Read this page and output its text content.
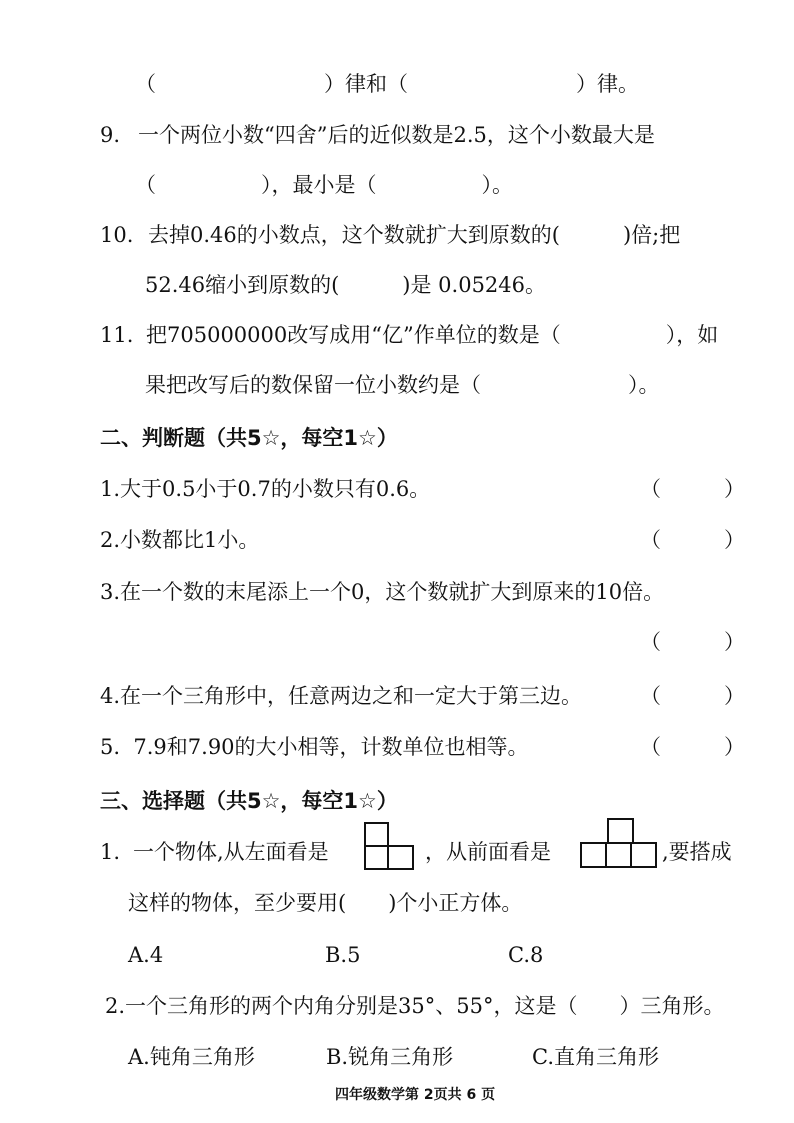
（　　　　　　　　）律和（　　　　　　　　）律。
9. 一个两位小数“四舍”后的近似数是2.5，这个小数最大是
（　　　　　），最小是（　　　　　）。
10. 去掉0.46的小数点，这个数就扩大到原数的(　　　)倍;把
52.46缩小到原数的(　　　)是 0.05246。
11. 把705000000改写成用“亿”作单位的数是（　　　　　），如
果把改写后的数保留一位小数约是（　　　　　　　）。
二、判断题（共5☆，每空1☆）
1.大于0.5小于0.7的小数只有0.6。	（　　　）
2.小数都比1小。	（　　　）
3.在一个数的末尾添上一个0，这个数就扩大到原来的10倍。
（　　　）
4.在一个三角形中，任意两边之和一定大于第三边。	（　　　）
5.  7.9和7.90的大小相等，计数单位也相等。	（　　　）
三、选择题（共5☆，每空1☆）
1. 一个物体,从左面看是	，从前面看是	,要搭成
这样的物体，至少要用(　　)个小正方体。
A.4	B.5	C.8
2.一个三角形的两个内角分别是35°、55°，这是（　　）三角形。
A.钝角三角形	B.锐角三角形	C.直角三角形
四年级数学第 2页共 6 页
